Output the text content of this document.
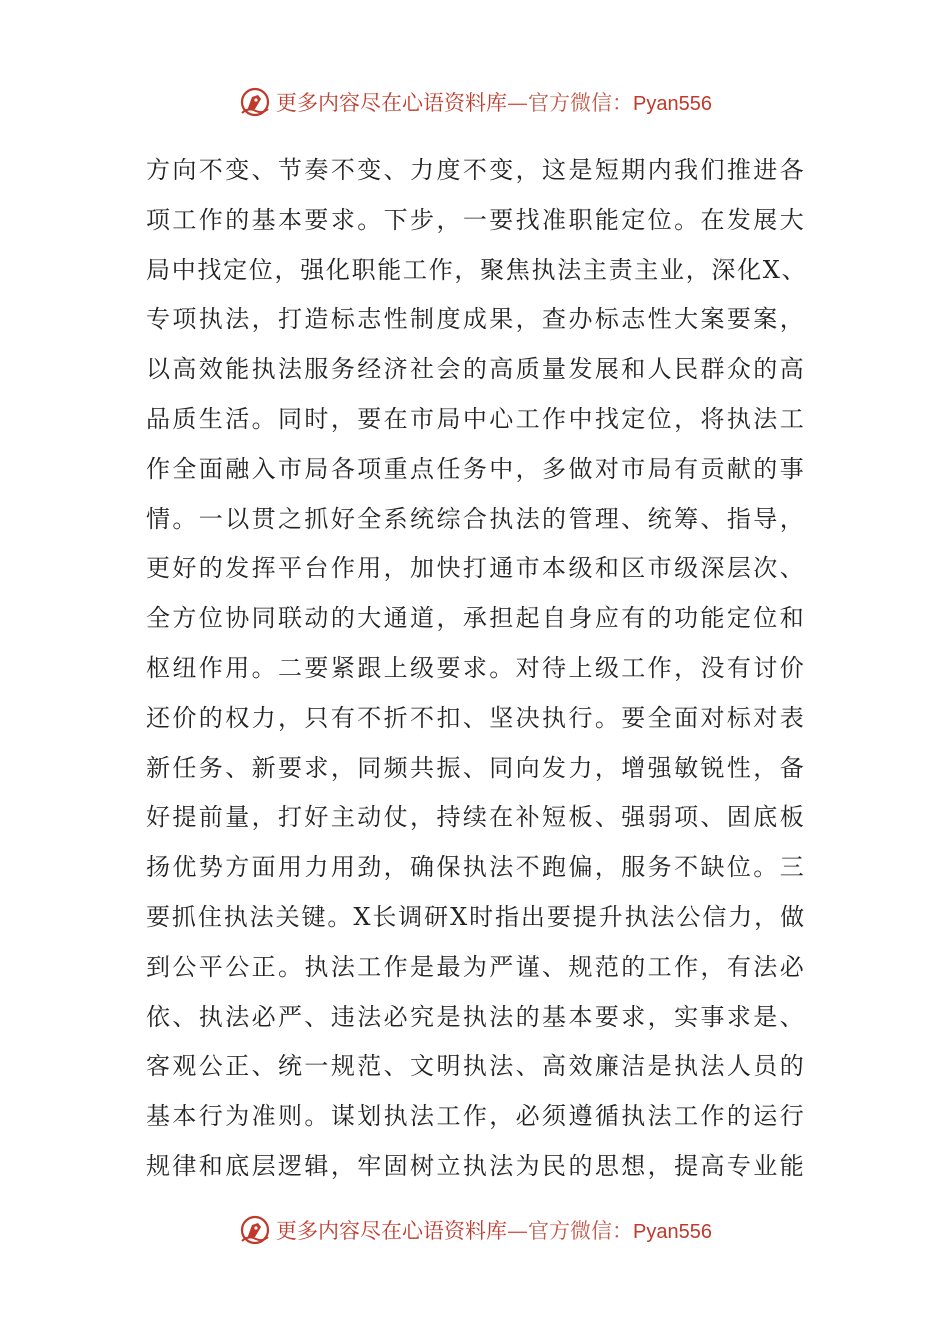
更多内容尽在心语资料库—官方微信：Pyan556
方向不变、节奏不变、力度不变，这是短期内我们推进各
项工作的基本要求。下步，一要找准职能定位。在发展大
局中找定位，强化职能工作，聚焦执法主责主业，深化X、
专项执法，打造标志性制度成果，查办标志性大案要案，
以高效能执法服务经济社会的高质量发展和人民群众的高
品质生活。同时，要在市局中心工作中找定位，将执法工
作全面融入市局各项重点任务中，多做对市局有贡献的事
情。一以贯之抓好全系统综合执法的管理、统筹、指导，
更好的发挥平台作用，加快打通市本级和区市级深层次、
全方位协同联动的大通道，承担起自身应有的功能定位和
枢纽作用。二要紧跟上级要求。对待上级工作，没有讨价
还价的权力，只有不折不扣、坚决执行。要全面对标对表
新任务、新要求，同频共振、同向发力，增强敏锐性，备
好提前量，打好主动仗，持续在补短板、强弱项、固底板
扬优势方面用力用劲，确保执法不跑偏，服务不缺位。三
要抓住执法关键。X长调研X时指出要提升执法公信力，做
到公平公正。执法工作是最为严谨、规范的工作，有法必
依、执法必严、违法必究是执法的基本要求，实事求是、
客观公正、统一规范、文明执法、高效廉洁是执法人员的
基本行为准则。谋划执法工作，必须遵循执法工作的运行
规律和底层逻辑，牢固树立执法为民的思想，提高专业能
更多内容尽在心语资料库—官方微信：Pyan556
